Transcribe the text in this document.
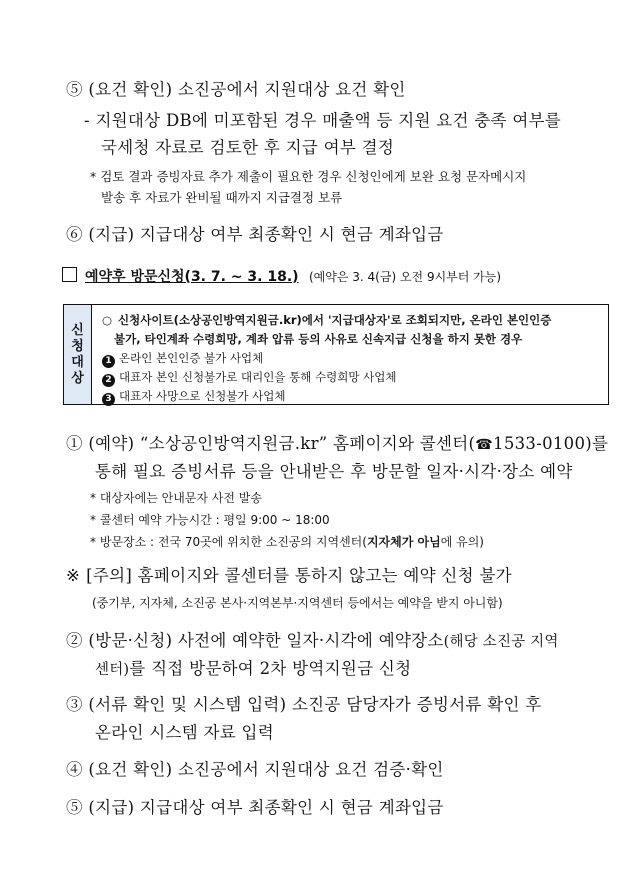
⑤ (요건 확인) 소진공에서 지원대상 요건 확인
- 지원대상 DB에 미포함된 경우 매출액 등 지원 요건 충족 여부를
국세청 자료로 검토한 후 지급 여부 결정
* 검토 결과 증빙자료 추가 제출이 필요한 경우 신청인에게 보완 요청 문자메시지
발송 후 자료가 완비될 때까지 지급결정 보류
⑥ (지급) 지급대상 여부 최종확인 시 현금 계좌입금
예약후 방문신청(3. 7. ~ 3. 18.) (예약은 3. 4(금) 오전 9시부터 가능)
신
청
대
상
○ 신청사이트(소상공인방역지원금.kr)에서 '지급대상자'로 조회되지만, 온라인 본인인증
불가, 타인계좌 수령희망, 계좌 압류 등의 사유로 신속지급 신청을 하지 못한 경우
1 온라인 본인인증 불가 사업체
2 대표자 본인 신청불가로 대리인을 통해 수령희망 사업체
3 대표자 사망으로 신청불가 사업체
① (예약) “소상공인방역지원금.kr” 홈페이지와 콜센터(☎1533-0100)를
통해 필요 증빙서류 등을 안내받은 후 방문할 일자·시각·장소 예약
* 대상자에는 안내문자 사전 발송
* 콜센터 예약 가능시간 : 평일 9:00 ~ 18:00
* 방문장소 : 전국 70곳에 위치한 소진공의 지역센터(지자체가 아님에 유의)
※ [주의] 홈페이지와 콜센터를 통하지 않고는 예약 신청 불가
(중기부, 지자체, 소진공 본사·지역본부·지역센터 등에서는 예약을 받지 아니함)
② (방문·신청) 사전에 예약한 일자·시각에 예약장소(해당 소진공 지역
센터)를 직접 방문하여 2차 방역지원금 신청
③ (서류 확인 및 시스템 입력) 소진공 담당자가 증빙서류 확인 후
온라인 시스템 자료 입력
④ (요건 확인) 소진공에서 지원대상 요건 검증·확인
⑤ (지급) 지급대상 여부 최종확인 시 현금 계좌입금
